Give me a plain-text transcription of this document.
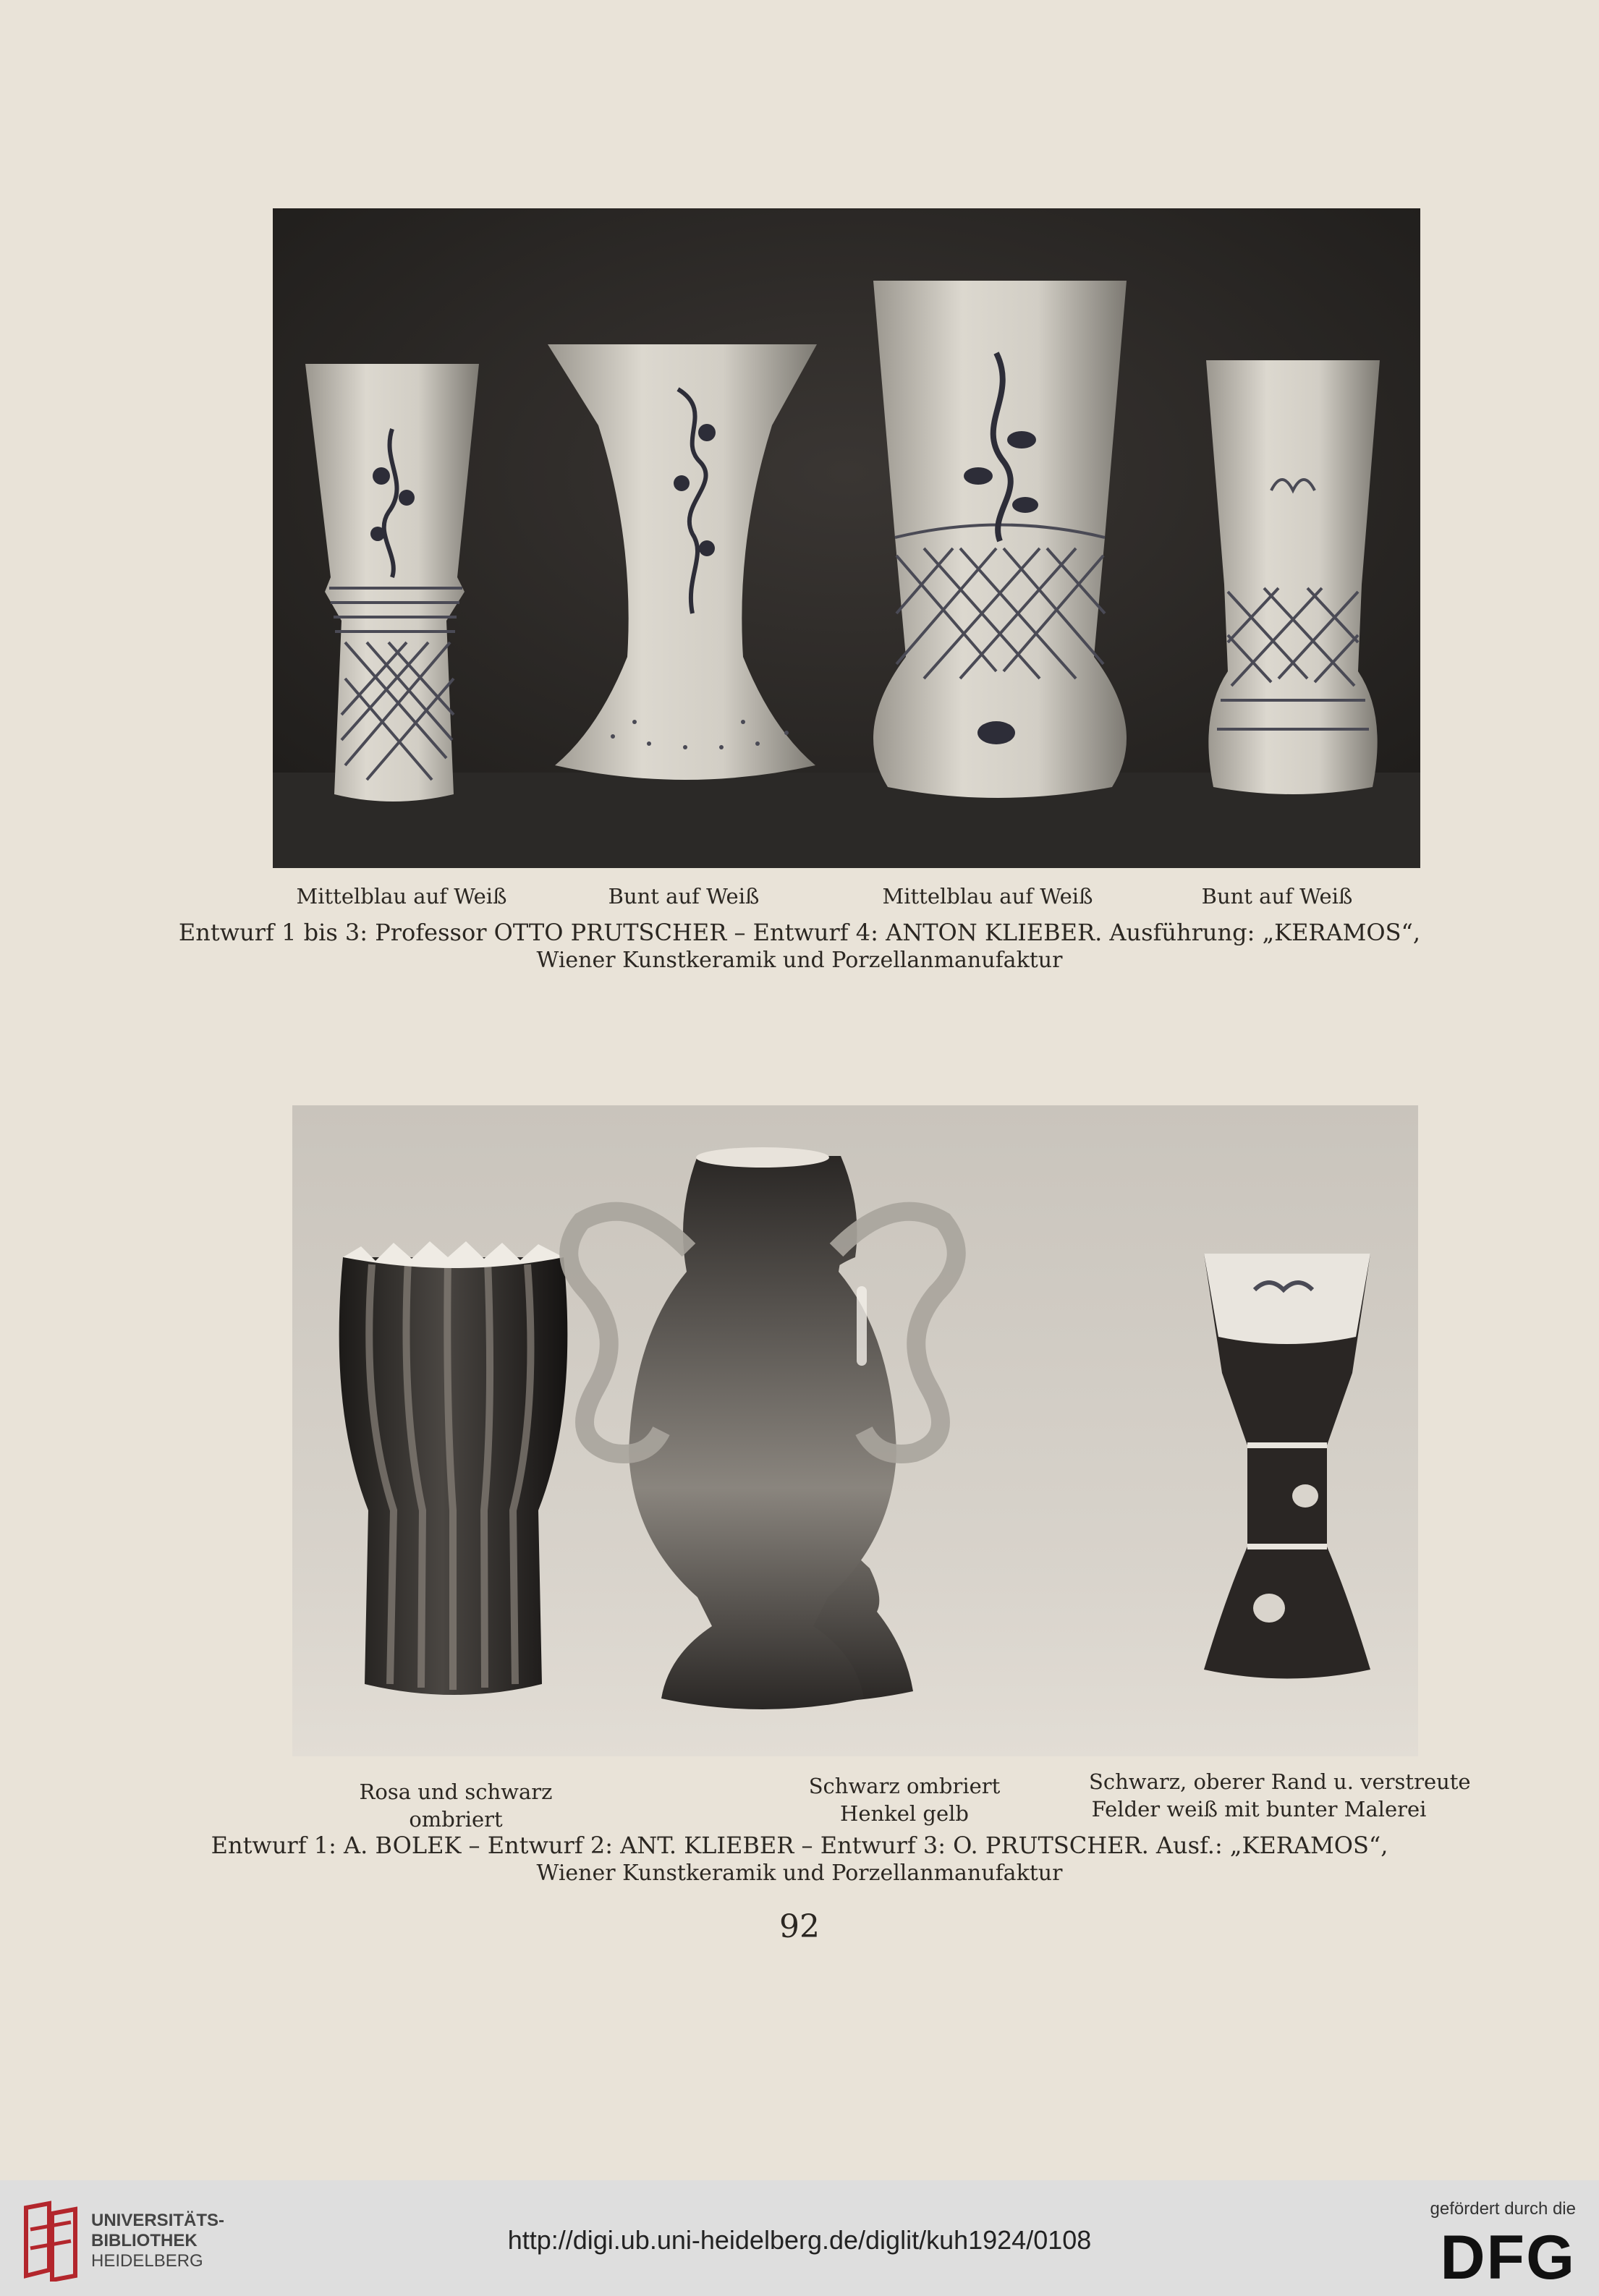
Mittelblau auf Weiß	Bunt auf Weiß	Mittelblau auf Weiß	Bunt auf Weiß
Entwurf 1 bis 3: Professor OTTO PRUTSCHER – Entwurf 4: ANTON KLIEBER. Ausführung: „KERAMOS“,
Wiener Kunstkeramik und Porzellanmanufaktur
Rosa und schwarz
ombriert
Schwarz ombriert
Henkel gelb
Schwarz, oberer Rand u. verstreute
Felder weiß mit bunter Malerei
Entwurf 1: A. BOLEK – Entwurf 2: ANT. KLIEBER – Entwurf 3: O. PRUTSCHER. Ausf.: „KERAMOS“,
Wiener Kunstkeramik und Porzellanmanufaktur
92
UNIVERSITÄTS-
BIBLIOTHEK
HEIDELBERG
http://digi.ub.uni-heidelberg.de/diglit/kuh1924/0108
gefördert durch die
DFG
